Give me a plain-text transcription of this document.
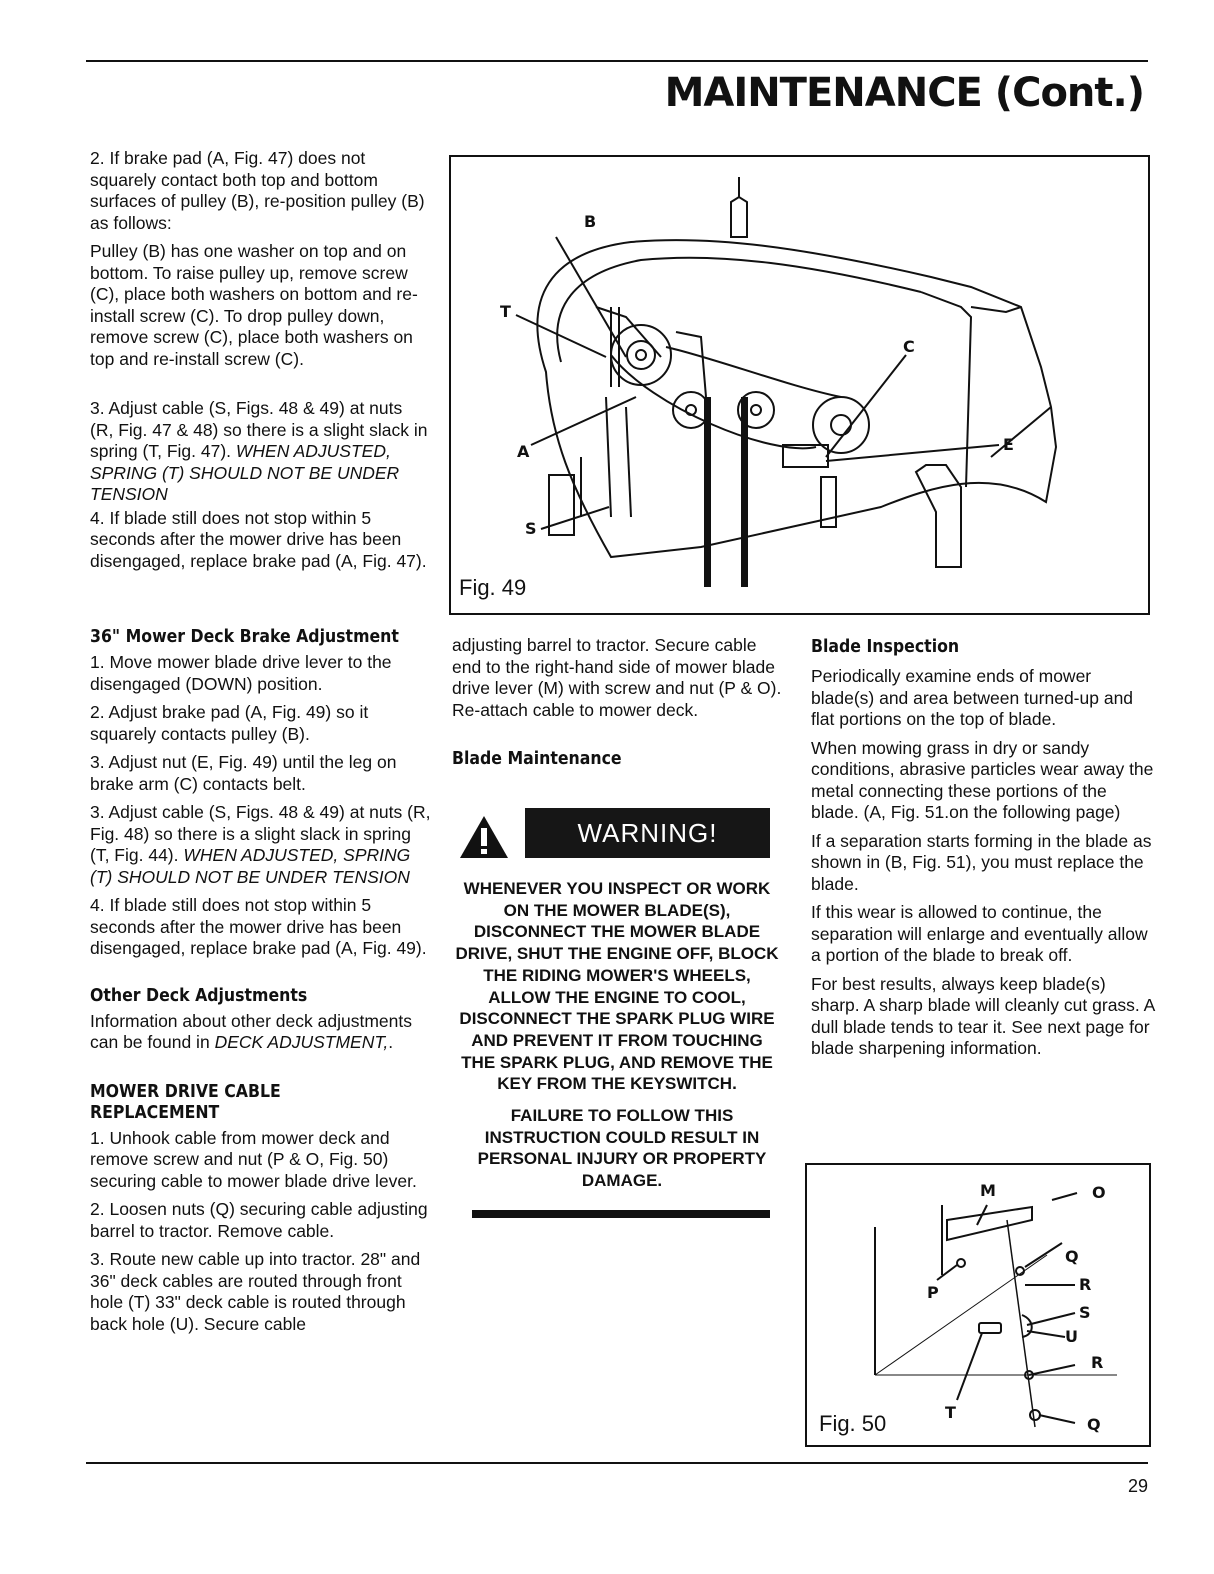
MAINTENANCE (Cont.)

2. If brake pad (A, Fig. 47) does not squarely contact both top and bottom surfaces of pulley (B), re-position pulley (B) as follows:

Pulley (B) has one washer on top and on bottom. To raise pulley up, remove screw (C), place both washers on bottom and re-install screw (C). To drop pulley down, remove screw (C), place both washers on top and re-install screw (C).

3. Adjust cable (S, Figs. 48 & 49) at nuts (R, Fig. 47 & 48) so there is a slight slack in spring (T, Fig. 47). WHEN ADJUSTED, SPRING (T) SHOULD NOT BE UNDER TENSION

4. If blade still does not stop within 5 seconds after the mower drive has been disengaged, replace brake pad (A, Fig. 47).

B
T
A
S
C
E
Fig. 49
36" Mower Deck Brake Adjustment

1. Move mower blade drive lever to the disengaged (DOWN) position.

2. Adjust brake pad (A, Fig. 49) so it squarely contacts pulley (B).

3. Adjust nut (E, Fig. 49) until the leg on brake arm (C) contacts belt.

3. Adjust cable (S, Figs. 48 & 49) at nuts (R, Fig. 48) so there is a slight slack in spring (T, Fig. 44). WHEN ADJUSTED, SPRING (T) SHOULD NOT BE UNDER TENSION

4. If blade still does not stop within 5 seconds after the mower drive has been disengaged, replace brake pad (A, Fig. 49).

Other Deck Adjustments

Information about other deck adjustments can be found in DECK ADJUSTMENT,.

MOWER DRIVE CABLE REPLACEMENT

1. Unhook cable from mower deck and remove screw and nut (P & O, Fig. 50) securing cable to mower blade drive lever.

2. Loosen nuts (Q) securing cable adjusting barrel to tractor. Remove cable.

3. Route new cable up into tractor. 28" and 36" deck cables are routed through front hole (T) 33" deck cable is routed through back hole (U). Secure cable

adjusting barrel to tractor. Secure cable end to the right-hand side of mower blade drive lever (M) with screw and nut (P & O). Re-attach cable to mower deck.

Blade Maintenance
WARNING!
WHENEVER YOU INSPECT OR WORK ON THE MOWER BLADE(S), DISCONNECT THE MOWER BLADE DRIVE, SHUT THE ENGINE OFF, BLOCK THE RIDING MOWER'S WHEELS, ALLOW THE ENGINE TO COOL, DISCONNECT THE SPARK PLUG WIRE AND PREVENT IT FROM TOUCHING THE SPARK PLUG, AND REMOVE THE KEY FROM THE KEYSWITCH.
FAILURE TO FOLLOW THIS INSTRUCTION COULD RESULT IN PERSONAL INJURY OR PROPERTY DAMAGE.
Blade Inspection

Periodically examine ends of mower blade(s) and area between turned-up and flat portions on the top of blade.

When mowing grass in dry or sandy conditions, abrasive particles wear away the metal connecting these portions of the blade. (A, Fig. 51.on the following page)

If a separation starts forming in the blade as shown in (B, Fig. 51), you must replace the blade.

If this wear is allowed to continue, the separation will enlarge and eventually allow a portion of the blade to break off.

For best results, always keep blade(s) sharp. A sharp blade will cleanly cut grass. A dull blade tends to tear it. See next page for blade sharpening information.

M	O
Q
P	R
S
U
R
T
Q
Fig. 50
29
